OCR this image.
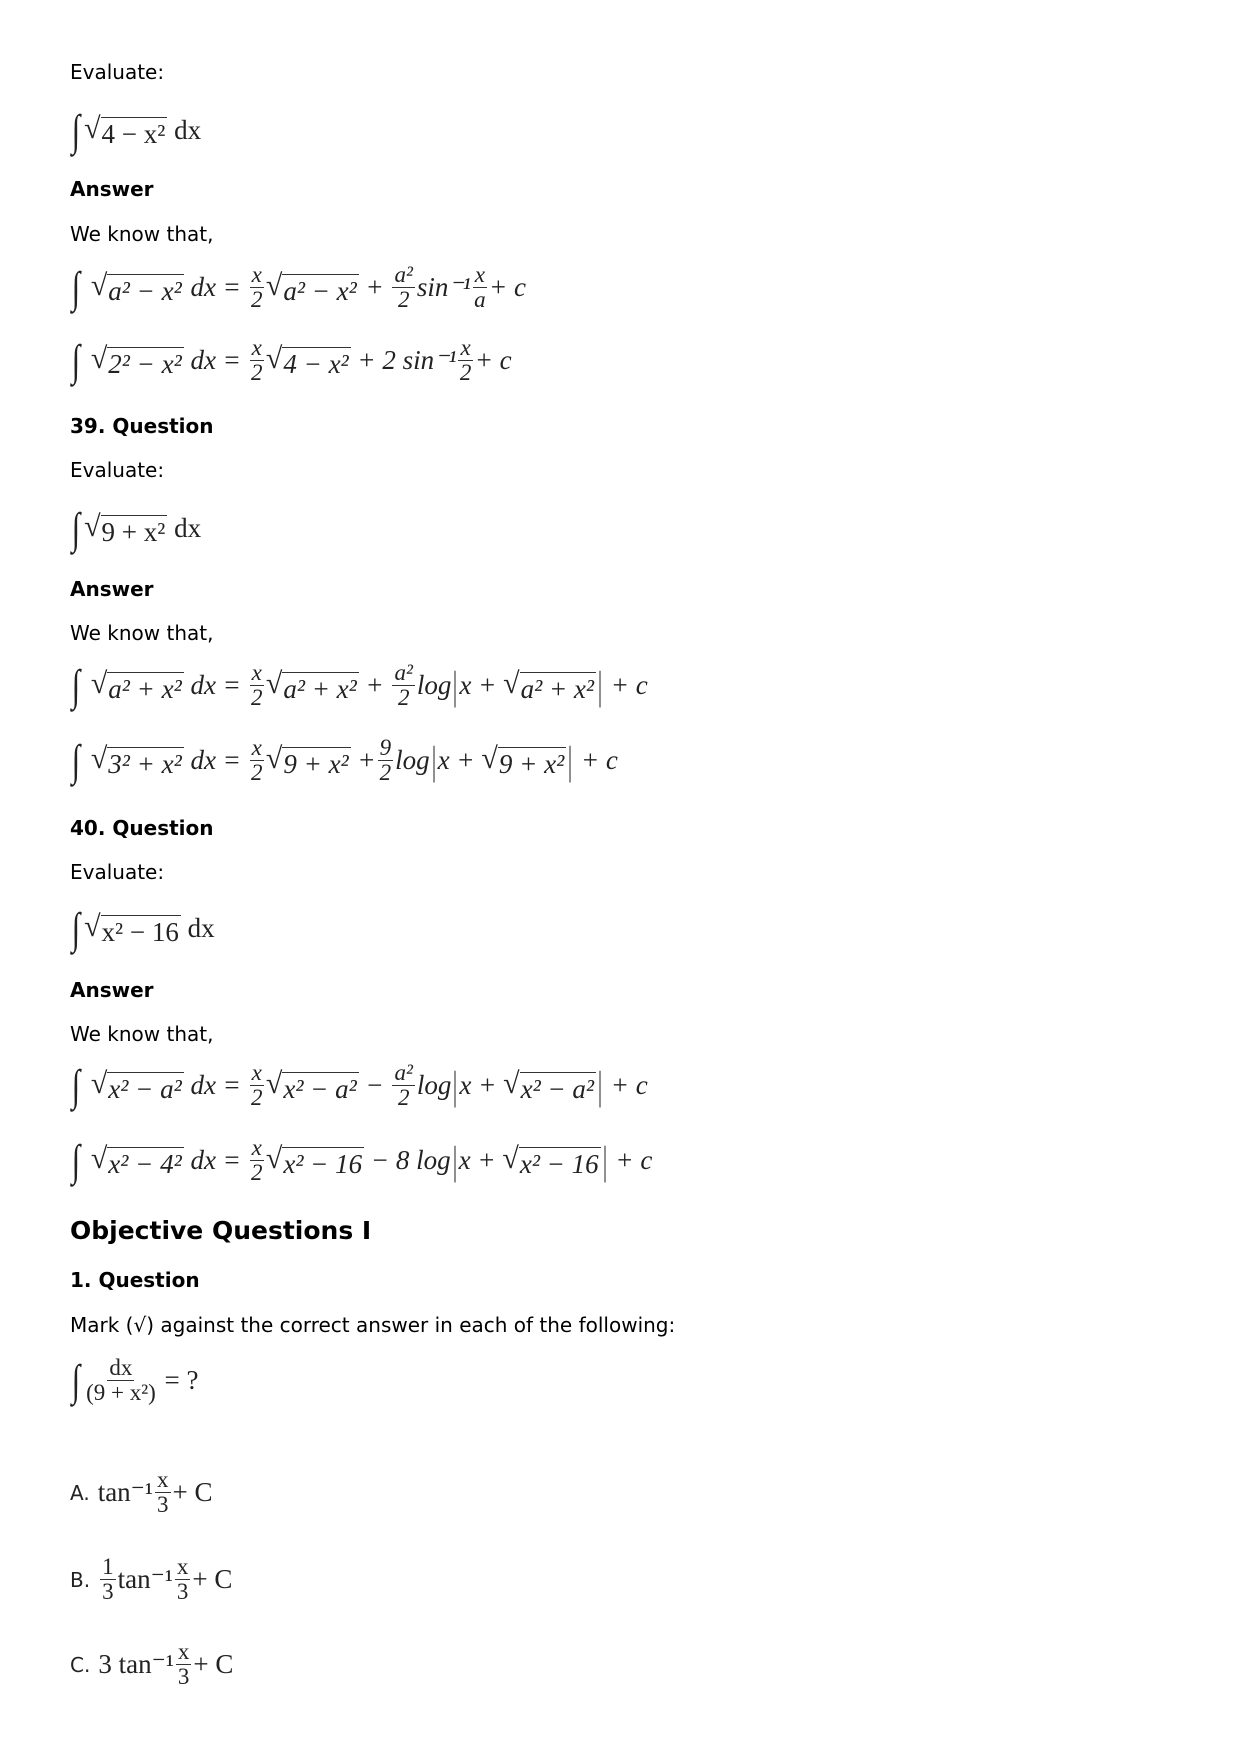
Evaluate:
∫ √ 4 − x² dx
Answer
We know that,
∫
√ a² − x² dx = $\frac{x}{2}$ √ $a^2 - x^2 + \frac{\text{a²}}{2} \sin^{-1} \frac{x}{a} + c$
∫
√ 2² − x² dx = $\frac{x}{2}$ √ 4 − x² + 2 $\sin^{-1} \frac{x}{2} + c$
39. Question
Evaluate:
∫ √ 9 + x² dx
Answer
We know that,
∫
√ a² + x² dx = $\frac{x}{2}$ √ $a^2 + x^2 + \frac{\text{a²}}{2}$ log | x + √ a² + x² | + c
∫
√ 3² + x² dx = $\frac{x}{2}$ √ $9 + x^2 + \frac{9}{2}$ log | x + √ 9 + x² | + c
40. Question
Evaluate:
∫ √ x² − 16 dx
Answer
We know that,
∫
√ x² − a² dx = $\frac{x}{2}$ √ $x^2 - a^2 - \frac{\text{a²}}{2}$ log | x + √ x² − a² | + c
∫
√ x² − 4² dx = $\frac{x}{2}$ √ x² − 16 − 8 log | x + √ x² − 16 | + c
Objective Questions I
1. Question
Mark (√) against the correct answer in each of the following:
∫ $\frac{dx}{\text{(9 + x²)}}$ = ?
A. $\tan^{-1} \frac{x}{3} + C$
B. $\frac{1}{3} \tan^{-1} \frac{x}{3} + C$
C. 3 $\tan^{-1} \frac{x}{3} + C$
